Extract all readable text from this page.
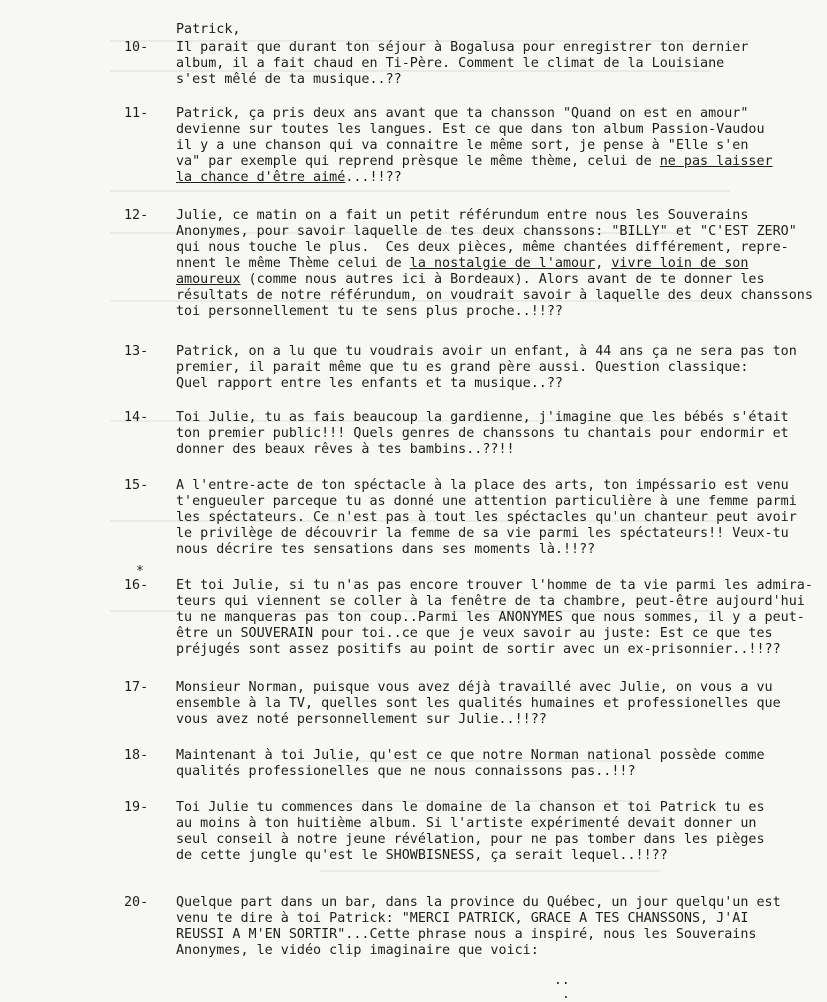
Patrick,
10- Il parait que durant ton séjour à Bogalusa pour enregistrer ton dernier
album, il a fait chaud en Ti-Père. Comment le climat de la Louisiane
s'est mêlé de ta musique..??
11- Patrick, ça pris deux ans avant que ta chansson "Quand on est en amour"
devienne sur toutes les langues. Est ce que dans ton album Passion-Vaudou
il y a une chanson qui va connaitre le même sort, je pense à "Elle s'en
va" par exemple qui reprend prèsque le même thème, celui de ne pas laisser
la chance d'être aimé...!!??
12- Julie, ce matin on a fait un petit référundum entre nous les Souverains
Anonymes, pour savoir laquelle de tes deux chanssons: "BILLY" et "C'EST ZERO"
qui nous touche le plus.  Ces deux pièces, même chantées différement, repre-
nnent le même Thème celui de la nostalgie de l'amour, vivre loin de son
amoureux (comme nous autres ici à Bordeaux). Alors avant de te donner les
résultats de notre référundum, on voudrait savoir à laquelle des deux chanssons
toi personnellement tu te sens plus proche..!!??
13- Patrick, on a lu que tu voudrais avoir un enfant, à 44 ans ça ne sera pas ton
premier, il parait même que tu es grand père aussi. Question classique:
Quel rapport entre les enfants et ta musique..??
14- Toi Julie, tu as fais beaucoup la gardienne, j'imagine que les bébés s'était
ton premier public!!! Quels genres de chanssons tu chantais pour endormir et
donner des beaux rêves à tes bambins..??!!
15- A l'entre-acte de ton spéctacle à la place des arts, ton impéssario est venu
t'engueuler parceque tu as donné une attention particulière à une femme parmi
les spéctateurs. Ce n'est pas à tout les spéctacles qu'un chanteur peut avoir
le privilège de découvrir la femme de sa vie parmi les spéctateurs!! Veux-tu
nous décrire tes sensations dans ses moments là.!!??
*
16- Et toi Julie, si tu n'as pas encore trouver l'homme de ta vie parmi les admira-
teurs qui viennent se coller à la fenêtre de ta chambre, peut-être aujourd'hui
tu ne manqueras pas ton coup..Parmi les ANONYMES que nous sommes, il y a peut-
être un SOUVERAIN pour toi..ce que je veux savoir au juste: Est ce que tes
préjugés sont assez positifs au point de sortir avec un ex-prisonnier..!!??
17- Monsieur Norman, puisque vous avez déjà travaillé avec Julie, on vous a vu
ensemble à la TV, quelles sont les qualités humaines et professionelles que
vous avez noté personnellement sur Julie..!!??
18- Maintenant à toi Julie, qu'est ce que notre Norman national possède comme
qualités professionelles que ne nous connaissons pas..!!?
19- Toi Julie tu commences dans le domaine de la chanson et toi Patrick tu es
au moins à ton huitième album. Si l'artiste expérimenté devait donner un
seul conseil à notre jeune révélation, pour ne pas tomber dans les pièges
de cette jungle qu'est le SHOWBISNESS, ça serait lequel..!!??
20- Quelque part dans un bar, dans la province du Québec, un jour quelqu'un est
venu te dire à toi Patrick: "MERCI PATRICK, GRACE A TES CHANSSONS, J'AI
REUSSI A M'EN SORTIR"...Cette phrase nous a inspiré, nous les Souverains
Anonymes, le vidéo clip imaginaire que voici:
..
.
